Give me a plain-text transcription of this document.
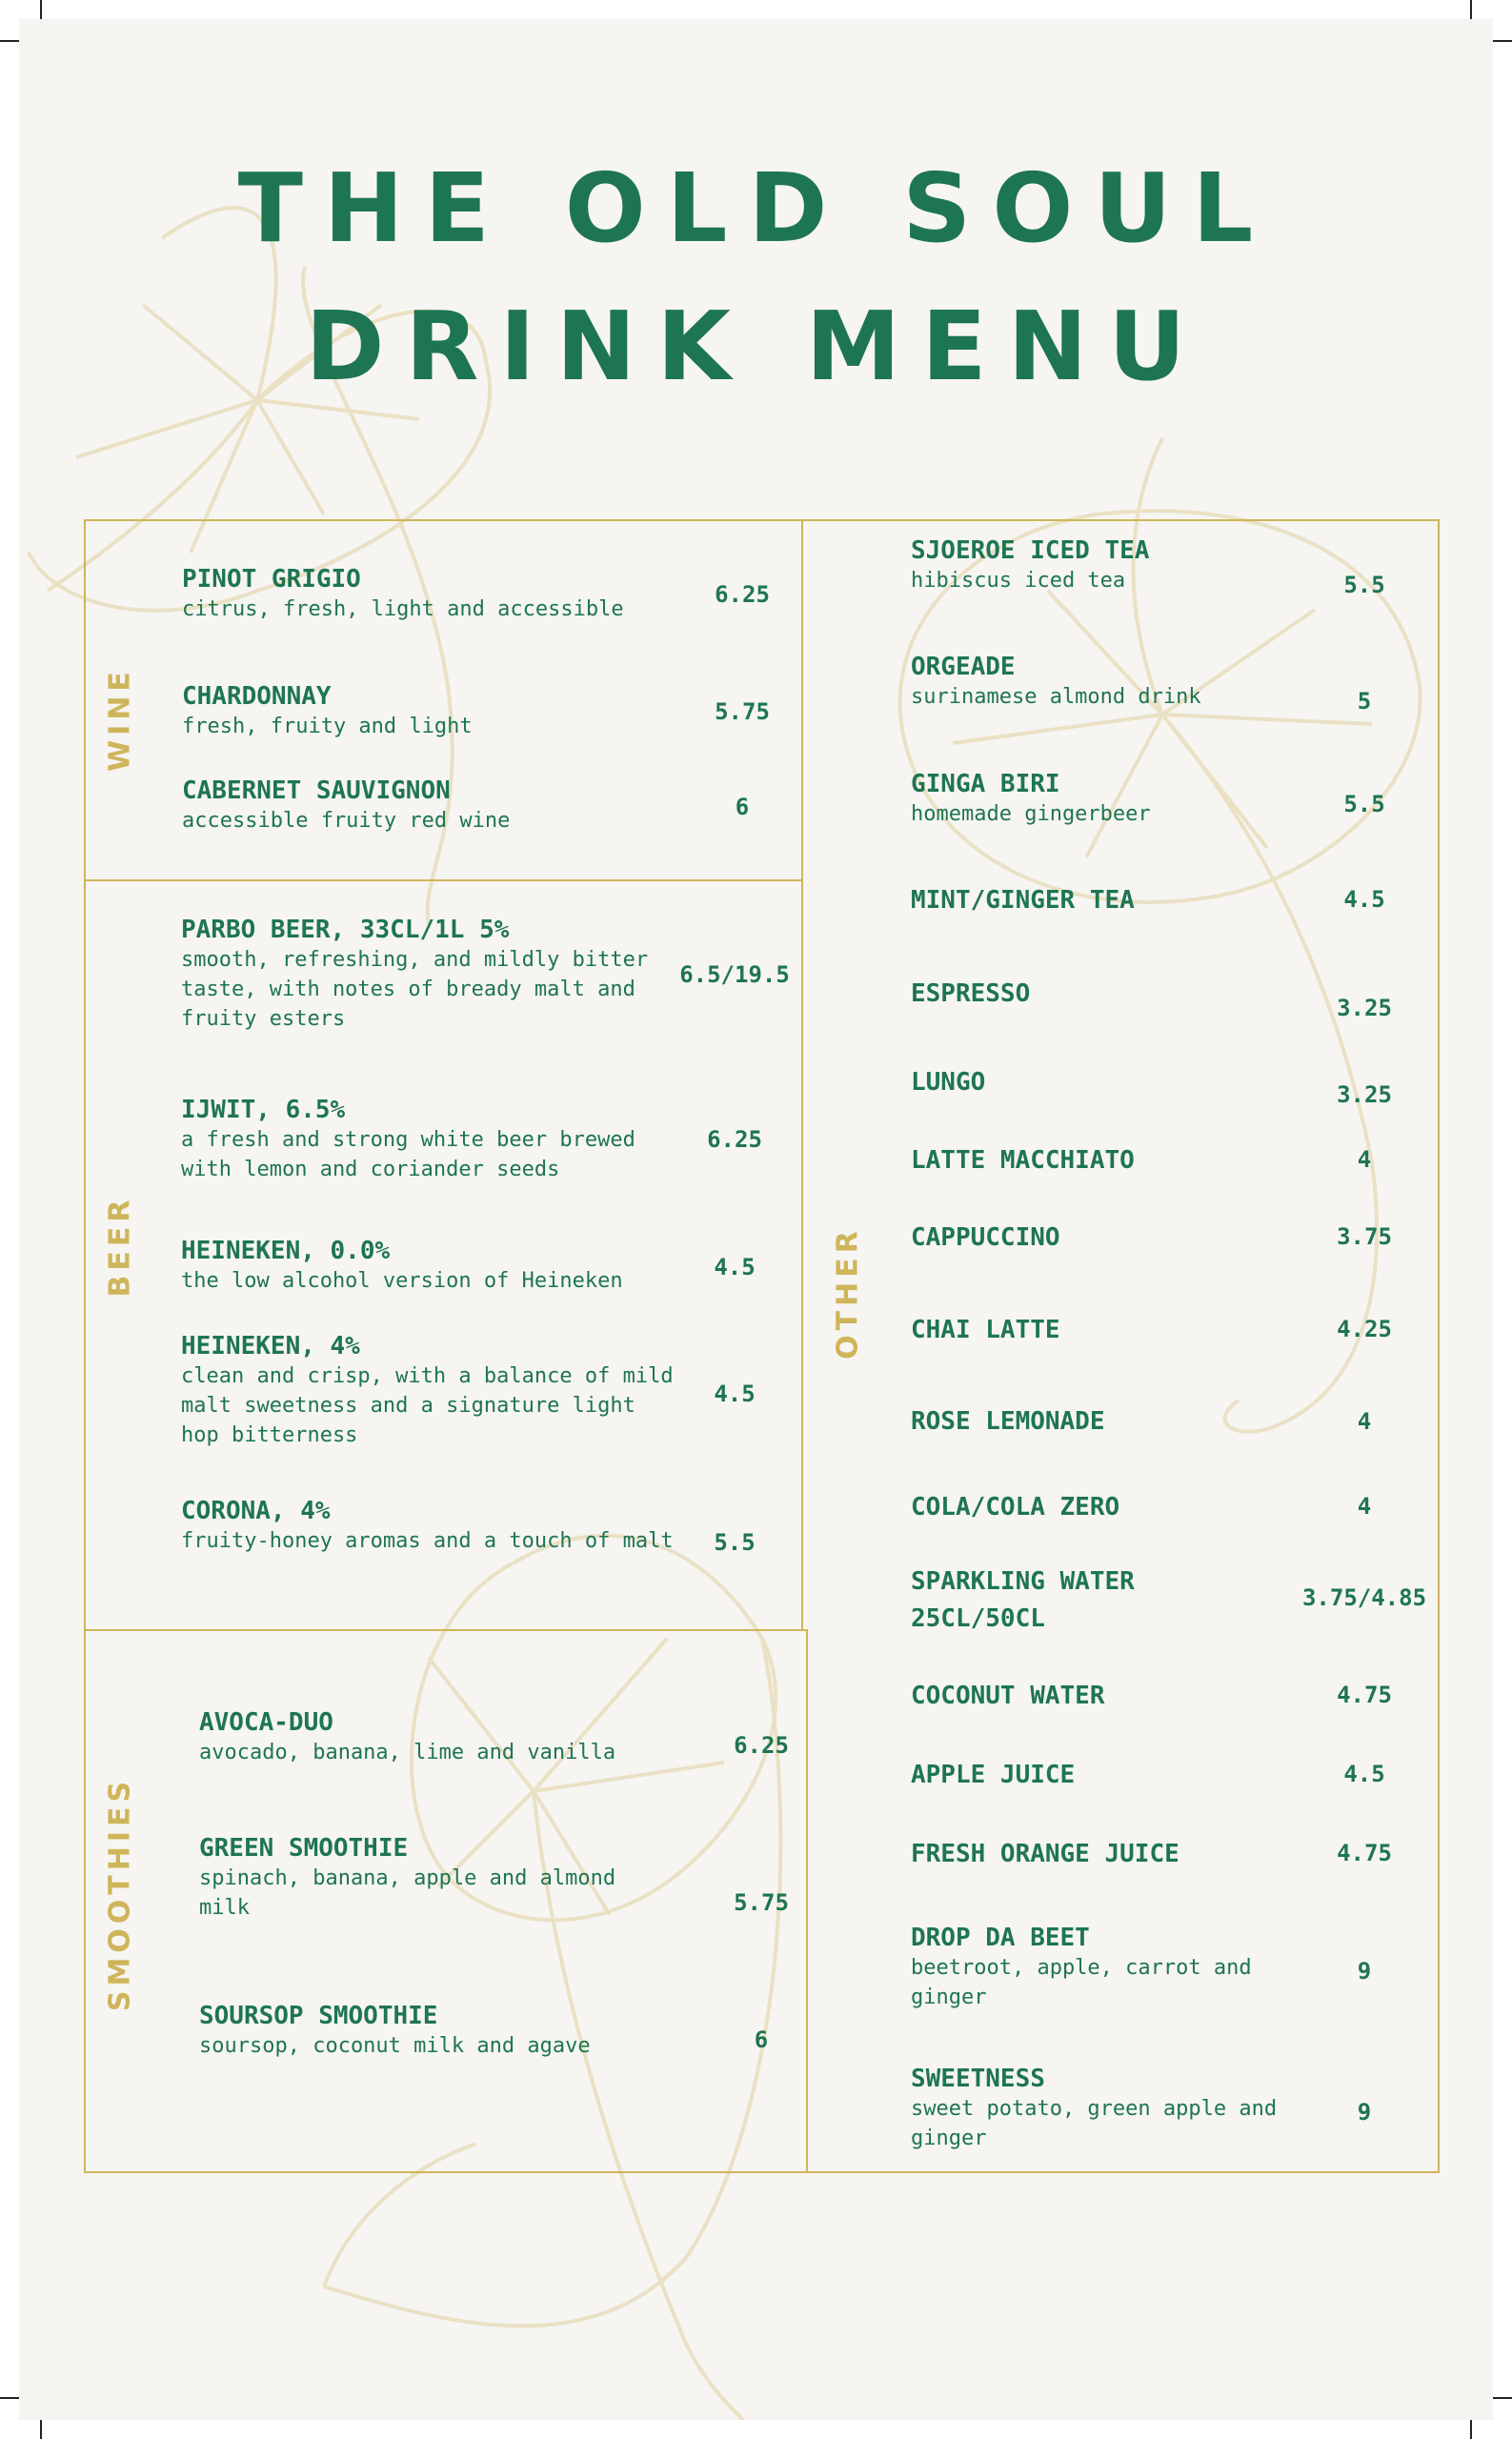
THE OLD SOUL
DRINK MENU
WINE
BEER
SMOOTHIES
OTHER
PINOT GRIGIO
citrus, fresh, light and accessible
6.25
CHARDONNAY
fresh, fruity and light
5.75
CABERNET SAUVIGNON
accessible fruity red wine
6
PARBO BEER, 33CL/1L 5%
smooth, refreshing, and mildly bitter taste, with notes of bready malt and fruity esters
6.5/19.5
IJWIT, 6.5%
a fresh and strong white beer brewed with lemon and coriander seeds
6.25
HEINEKEN, 0.0%
the low alcohol version of Heineken
4.5
HEINEKEN, 4%
clean and crisp, with a balance of mild malt sweetness and a signature light hop bitterness
4.5
CORONA, 4%
fruity-honey aromas and a touch of malt	5.5
AVOCA-DUO
avocado, banana, lime and vanilla	6.25
GREEN SMOOTHIE
spinach, banana, apple and almond milk	5.75
SOURSOP SMOOTHIE
soursop, coconut milk and agave	6
SJOEROE ICED TEA
hibiscus iced tea	5.5
ORGEADE
surinamese almond drink	5
GINGA BIRI
homemade gingerbeer	5.5
MINT/GINGER TEA	4.5
ESPRESSO	3.25
LUNGO	3.25
LATTE MACCHIATO	4
CAPPUCCINO	3.75
CHAI LATTE	4.25
ROSE LEMONADE	4
COLA/COLA ZERO	4
SPARKLING WATER 25CL/50CL
3.75/4.85
COCONUT WATER	4.75
APPLE JUICE	4.5
FRESH ORANGE JUICE	4.75
DROP DA BEET
beetroot, apple, carrot and ginger
9
SWEETNESS
sweet potato, green apple and ginger
9
